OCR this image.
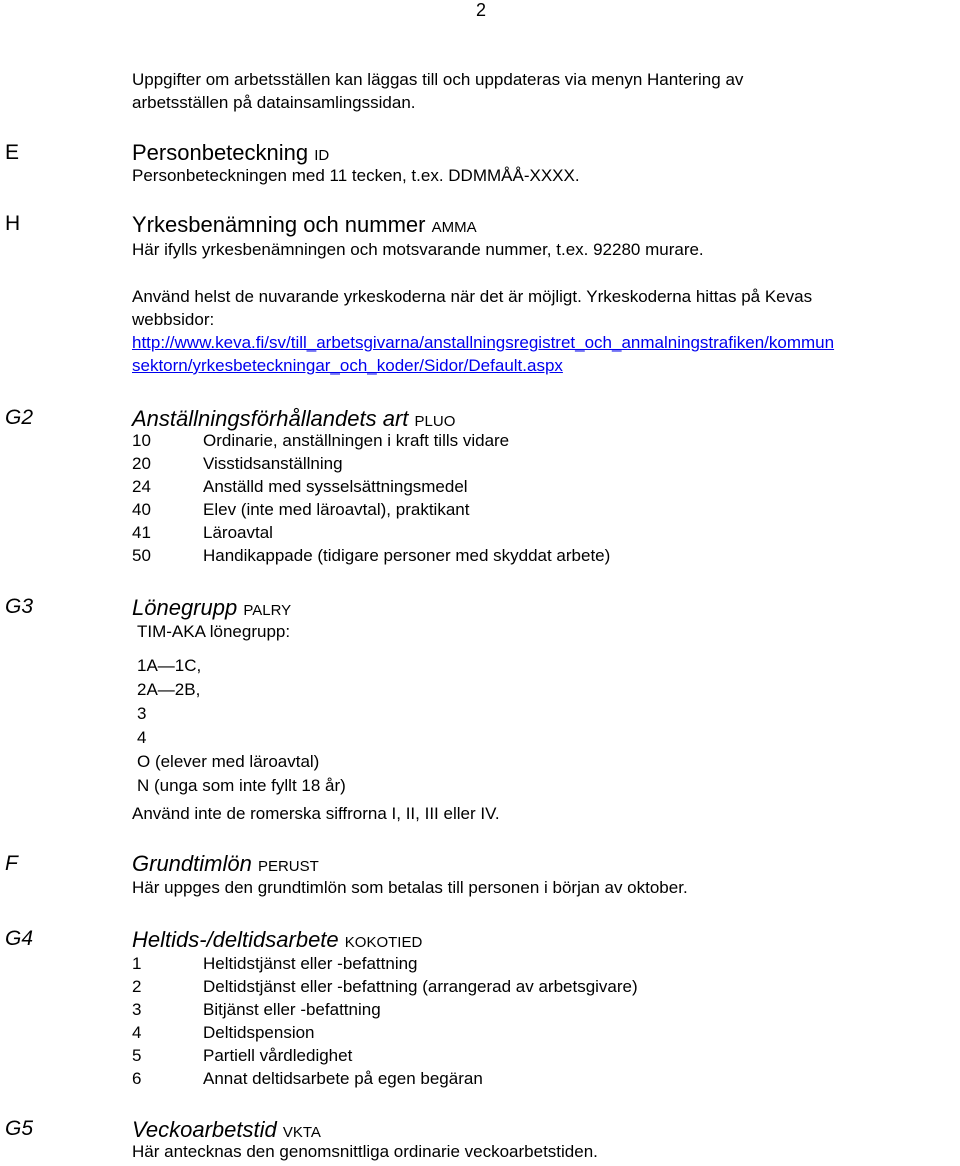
2
Uppgifter om arbetsställen kan läggas till och uppdateras via menyn Hantering av
arbetsställen på datainsamlingssidan.
E	Personbeteckning ID
Personbeteckningen med 11 tecken, t.ex. DDMMÅÅ-XXXX.
H	Yrkesbenämning och nummer AMMA
Här ifylls yrkesbenämningen och motsvarande nummer, t.ex. 92280 murare.
Använd helst de nuvarande yrkeskoderna när det är möjligt. Yrkeskoderna hittas på Kevas
webbsidor:
http://www.keva.fi/sv/till_arbetsgivarna/anstallningsregistret_och_anmalningstrafiken/kommun
sektorn/yrkesbeteckningar_och_koder/Sidor/Default.aspx
G2	Anställningsförhållandets art PLUO
10	Ordinarie, anställningen i kraft tills vidare
20	Visstidsanställning
24	Anställd med sysselsättningsmedel
40	Elev (inte med läroavtal), praktikant
41	Läroavtal
50	Handikappade (tidigare personer med skyddat arbete)
G3	Lönegrupp PALRY
TIM-AKA lönegrupp:
1A—1C,
2A—2B,
3
4
O (elever med läroavtal)
N (unga som inte fyllt 18 år)
Använd inte de romerska siffrorna I, II, III eller IV.
F	Grundtimlön PERUST
Här uppges den grundtimlön som betalas till personen i början av oktober.
G4	Heltids-/deltidsarbete KOKOTIED
1	Heltidstjänst eller -befattning
2	Deltidstjänst eller -befattning (arrangerad av arbetsgivare)
3	Bitjänst eller -befattning
4	Deltidspension
5	Partiell vårdledighet
6	Annat deltidsarbete på egen begäran
G5	Veckoarbetstid VKTA
Här antecknas den genomsnittliga ordinarie veckoarbetstiden.
